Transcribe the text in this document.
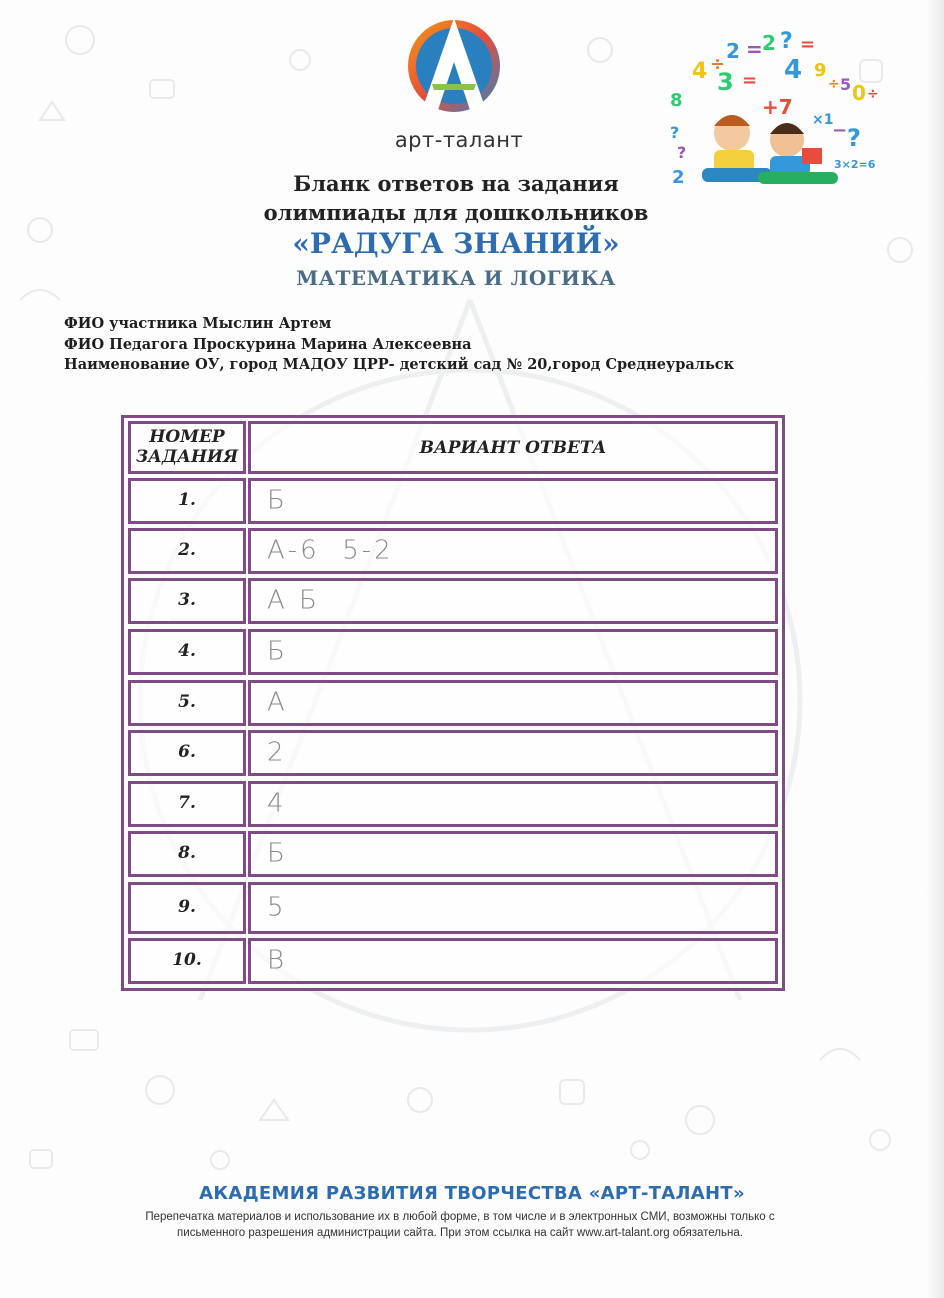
арт-талант
4 ÷
2 = 2 ? =
3 = 4 9
÷ 5 0 ÷
8	+7
×1
?
−
?
?
2
3×2=6
Бланк ответов на задания
олимпиады для дошкольников
«РАДУГА ЗНАНИЙ»
МАТЕМАТИКА И ЛОГИКА
ФИО участника Мыслин Артем
ФИО Педагога Проскурина Марина Алексеевна
Наименование ОУ, город МАДОУ ЦРР- детский сад № 20,город Среднеуральск
НОМЕР ЗАДАНИЯ	ВАРИАНТ ОТВЕТА
1.	Б
2.	А-6  5-2
3.	А Б
4.	Б
5.	А
6.	2
7.	4
8.	Б
9.	5
10.	В
АКАДЕМИЯ РАЗВИТИЯ ТВОРЧЕСТВА «АРТ-ТАЛАНТ»
Перепечатка материалов и использование их в любой форме, в том числе и в электронных СМИ, возможны только с
письменного разрешения администрации сайта. При этом ссылка на сайт www.art-talant.org обязательна.
